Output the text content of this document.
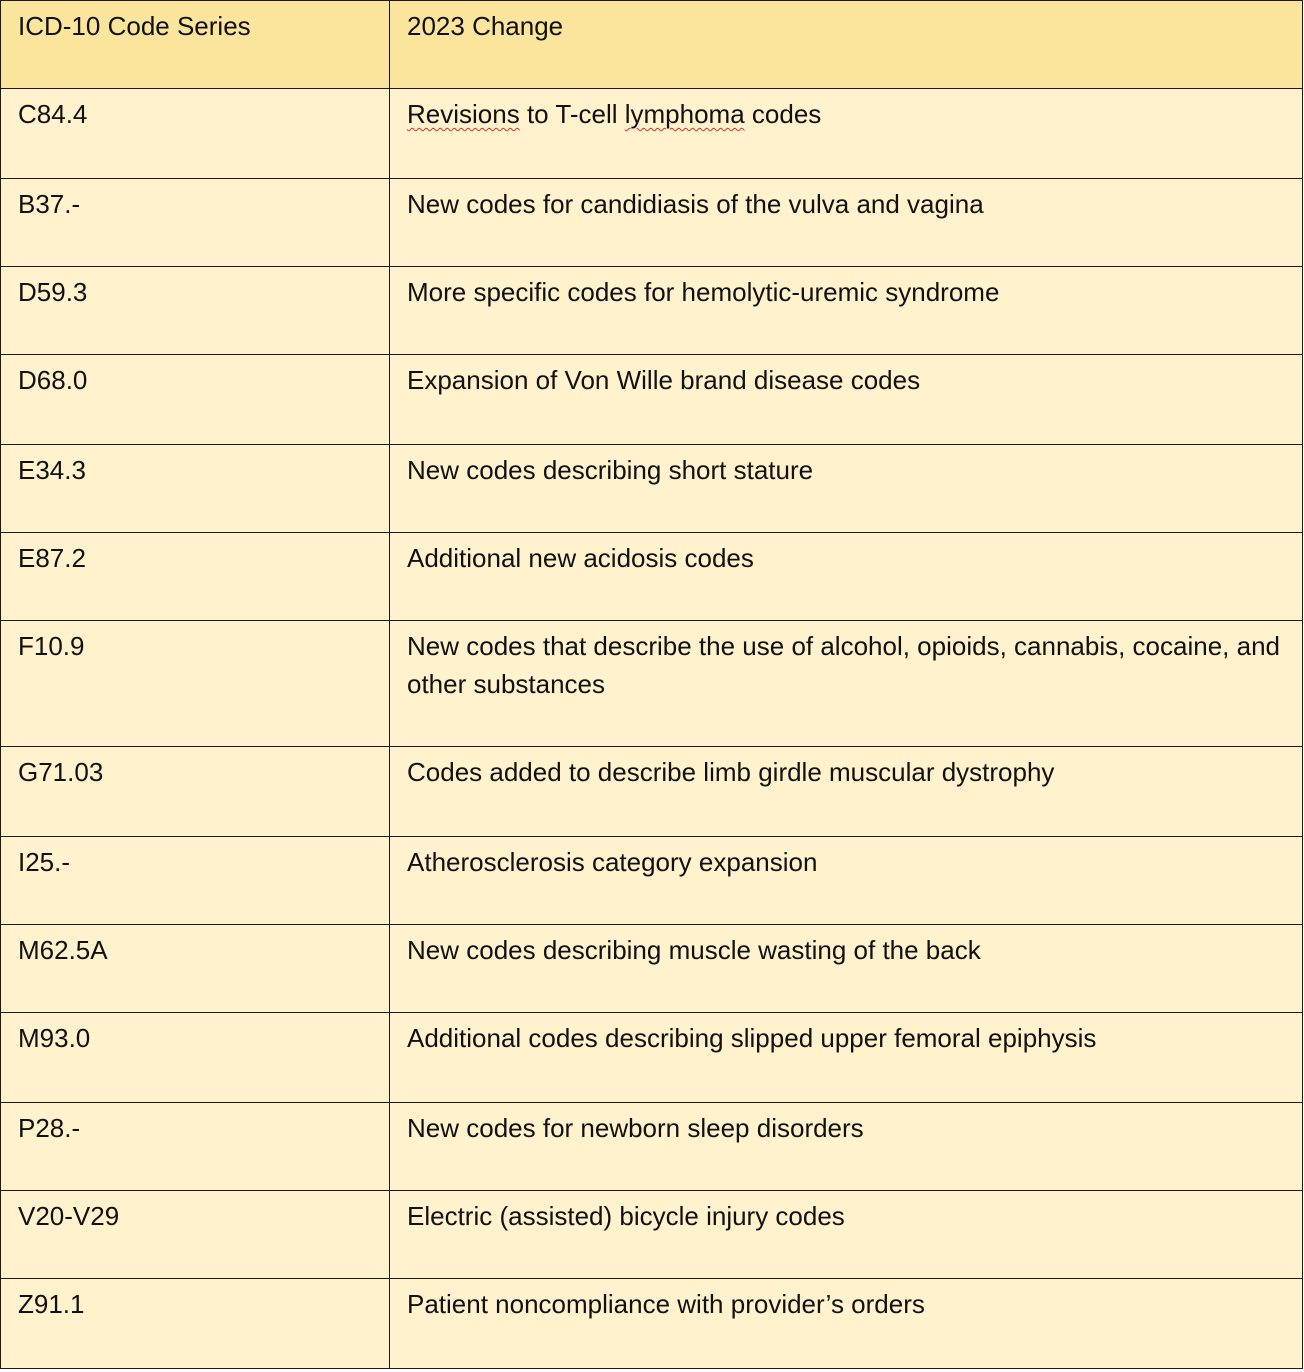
ICD-10 Code Series	2023 Change
C84.4	Revisions to T-cell lymphoma codes
B37.-	New codes for candidiasis of the vulva and vagina
D59.3	More specific codes for hemolytic-uremic syndrome
D68.0	Expansion of Von Wille brand disease codes
E34.3	New codes describing short stature
E87.2	Additional new acidosis codes
F10.9	New codes that describe the use of alcohol, opioids, cannabis, cocaine, and other substances
G71.03	Codes added to describe limb girdle muscular dystrophy
I25.-	Atherosclerosis category expansion
M62.5A	New codes describing muscle wasting of the back
M93.0	Additional codes describing slipped upper femoral epiphysis
P28.-	New codes for newborn sleep disorders
V20-V29	Electric (assisted) bicycle injury codes
Z91.1	Patient noncompliance with provider’s orders
